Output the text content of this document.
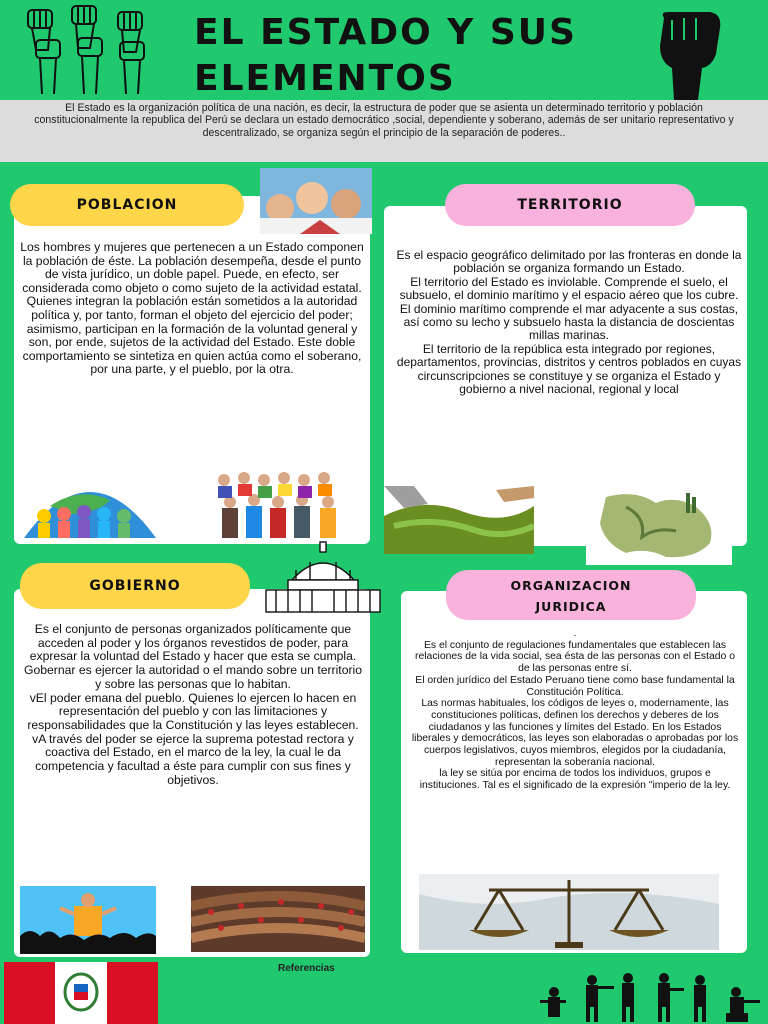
EL ESTADO Y SUS
ELEMENTOS

El Estado es la organización política de una nación, es decir, la estructura de poder que se asienta un determinado territorio y población

constitucionalmente la republica del Perú se declara un estado democrático ,social, dependiente y soberano, además de ser unitario representativo y descentralizado, se organiza según el principio de la separación de poderes..

POBLACION

Los hombres y mujeres que pertenecen a un Estado componen la población de éste. La población desempeña, desde el punto de vista jurídico, un doble papel. Puede, en efecto, ser considerada como objeto o como sujeto de la actividad estatal.

Quienes integran la población están sometidos a la autoridad política y, por tanto, forman el objeto del ejercicio del poder; asimismo, participan en la formación de la voluntad general y son, por ende, sujetos de la actividad del Estado. Este doble comportamiento se sintetiza en quien actúa como el soberano, por una parte, y el pueblo, por la otra.

TERRITORIO

Es el espacio geográfico delimitado por las fronteras en donde la población se organiza formando un Estado.

El territorio del Estado es inviolable. Comprende el suelo, el subsuelo, el dominio marítimo y el espacio aéreo que los cubre. El dominio marítimo comprende el mar adyacente a sus costas, así como su lecho y subsuelo hasta la distancia de doscientas millas marinas.

El territorio de la república esta integrado por regiones, departamentos, provincias, distritos y centros poblados en cuyas circunscripciones se constituye y se organiza el Estado y gobierno a nivel nacional, regional y local

GOBIERNO

Es el conjunto de personas organizados políticamente que acceden al poder y los órganos revestidos de poder, para expresar la voluntad del Estado y hacer que esta se cumpla. Gobernar es ejercer la autoridad o el mando sobre un territorio y sobre las personas que lo habitan.

vEl poder emana del pueblo. Quienes lo ejercen lo hacen en representación del pueblo y con las limitaciones y responsabilidades que la Constitución y las leyes establecen.

vA través del poder se ejerce la suprema potestad rectora y coactiva del Estado, en el marco de la ley, la cual le da competencia y facultad a éste para cumplir con sus fines y objetivos.

ORGANIZACION
JURIDICA

.

Es el conjunto de regulaciones fundamentales que establecen las relaciones de la vida social, sea ésta de las personas con el Estado o de las personas entre sí.

El orden jurídico del Estado Peruano tiene como base fundamental la Constitución Política.

Las normas habituales, los códigos de leyes o, modernamente, las constituciones políticas, definen los derechos y deberes de los ciudadanos y las funciones y límites del Estado. En los Estados liberales y democráticos, las leyes son elaboradas o aprobadas por los cuerpos legislativos, cuyos miembros, elegidos por la ciudadanía, representan la soberanía nacional.

la ley se sitúa por encima de todos los individuos, grupos e instituciones. Tal es el significado de la expresión "imperio de la ley.

Referencias
